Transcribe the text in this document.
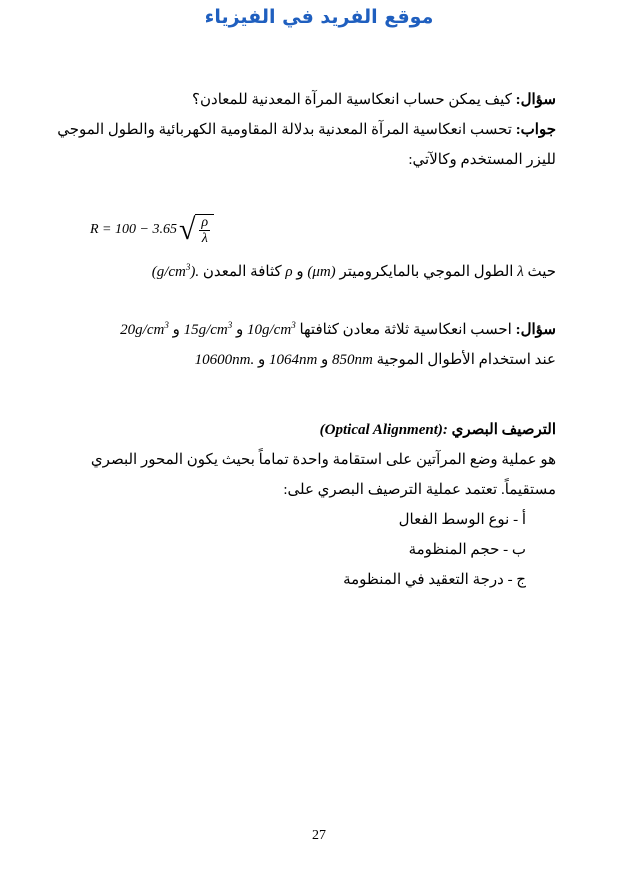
موقع الفريد في الفيزياء
سؤال: كيف يمكن حساب انعكاسية المرآة المعدنية للمعادن؟
جواب: تحسب انعكاسية المرآة المعدنية بدلالة المقاومية الكهربائية والطول الموجي
لليزر المستخدم وكالآتي:
R = 100 − 3.65 √ $\frac{\rho}{\lambda}$
حيث λ الطول الموجي بالمايكروميتر (μm) و ρ كثافة المعدن $(g/cm^3)$.
سؤال: احسب انعكاسية ثلاثة معادن كثافتها $10g/cm^3$ و $15g/cm^3$ و $20g/cm^3$
عند استخدام الأطوال الموجية 850nm و 1064nm و 10600nm.
الترصيف البصري (Optical Alignment):
هو عملية وضع المرآتين على استقامة واحدة تماماً بحيث يكون المحور البصري
مستقيماً. تعتمد عملية الترصيف البصري على:
أ - نوع الوسط الفعال
ب - حجم المنظومة
ج - درجة التعقيد في المنظومة
27
